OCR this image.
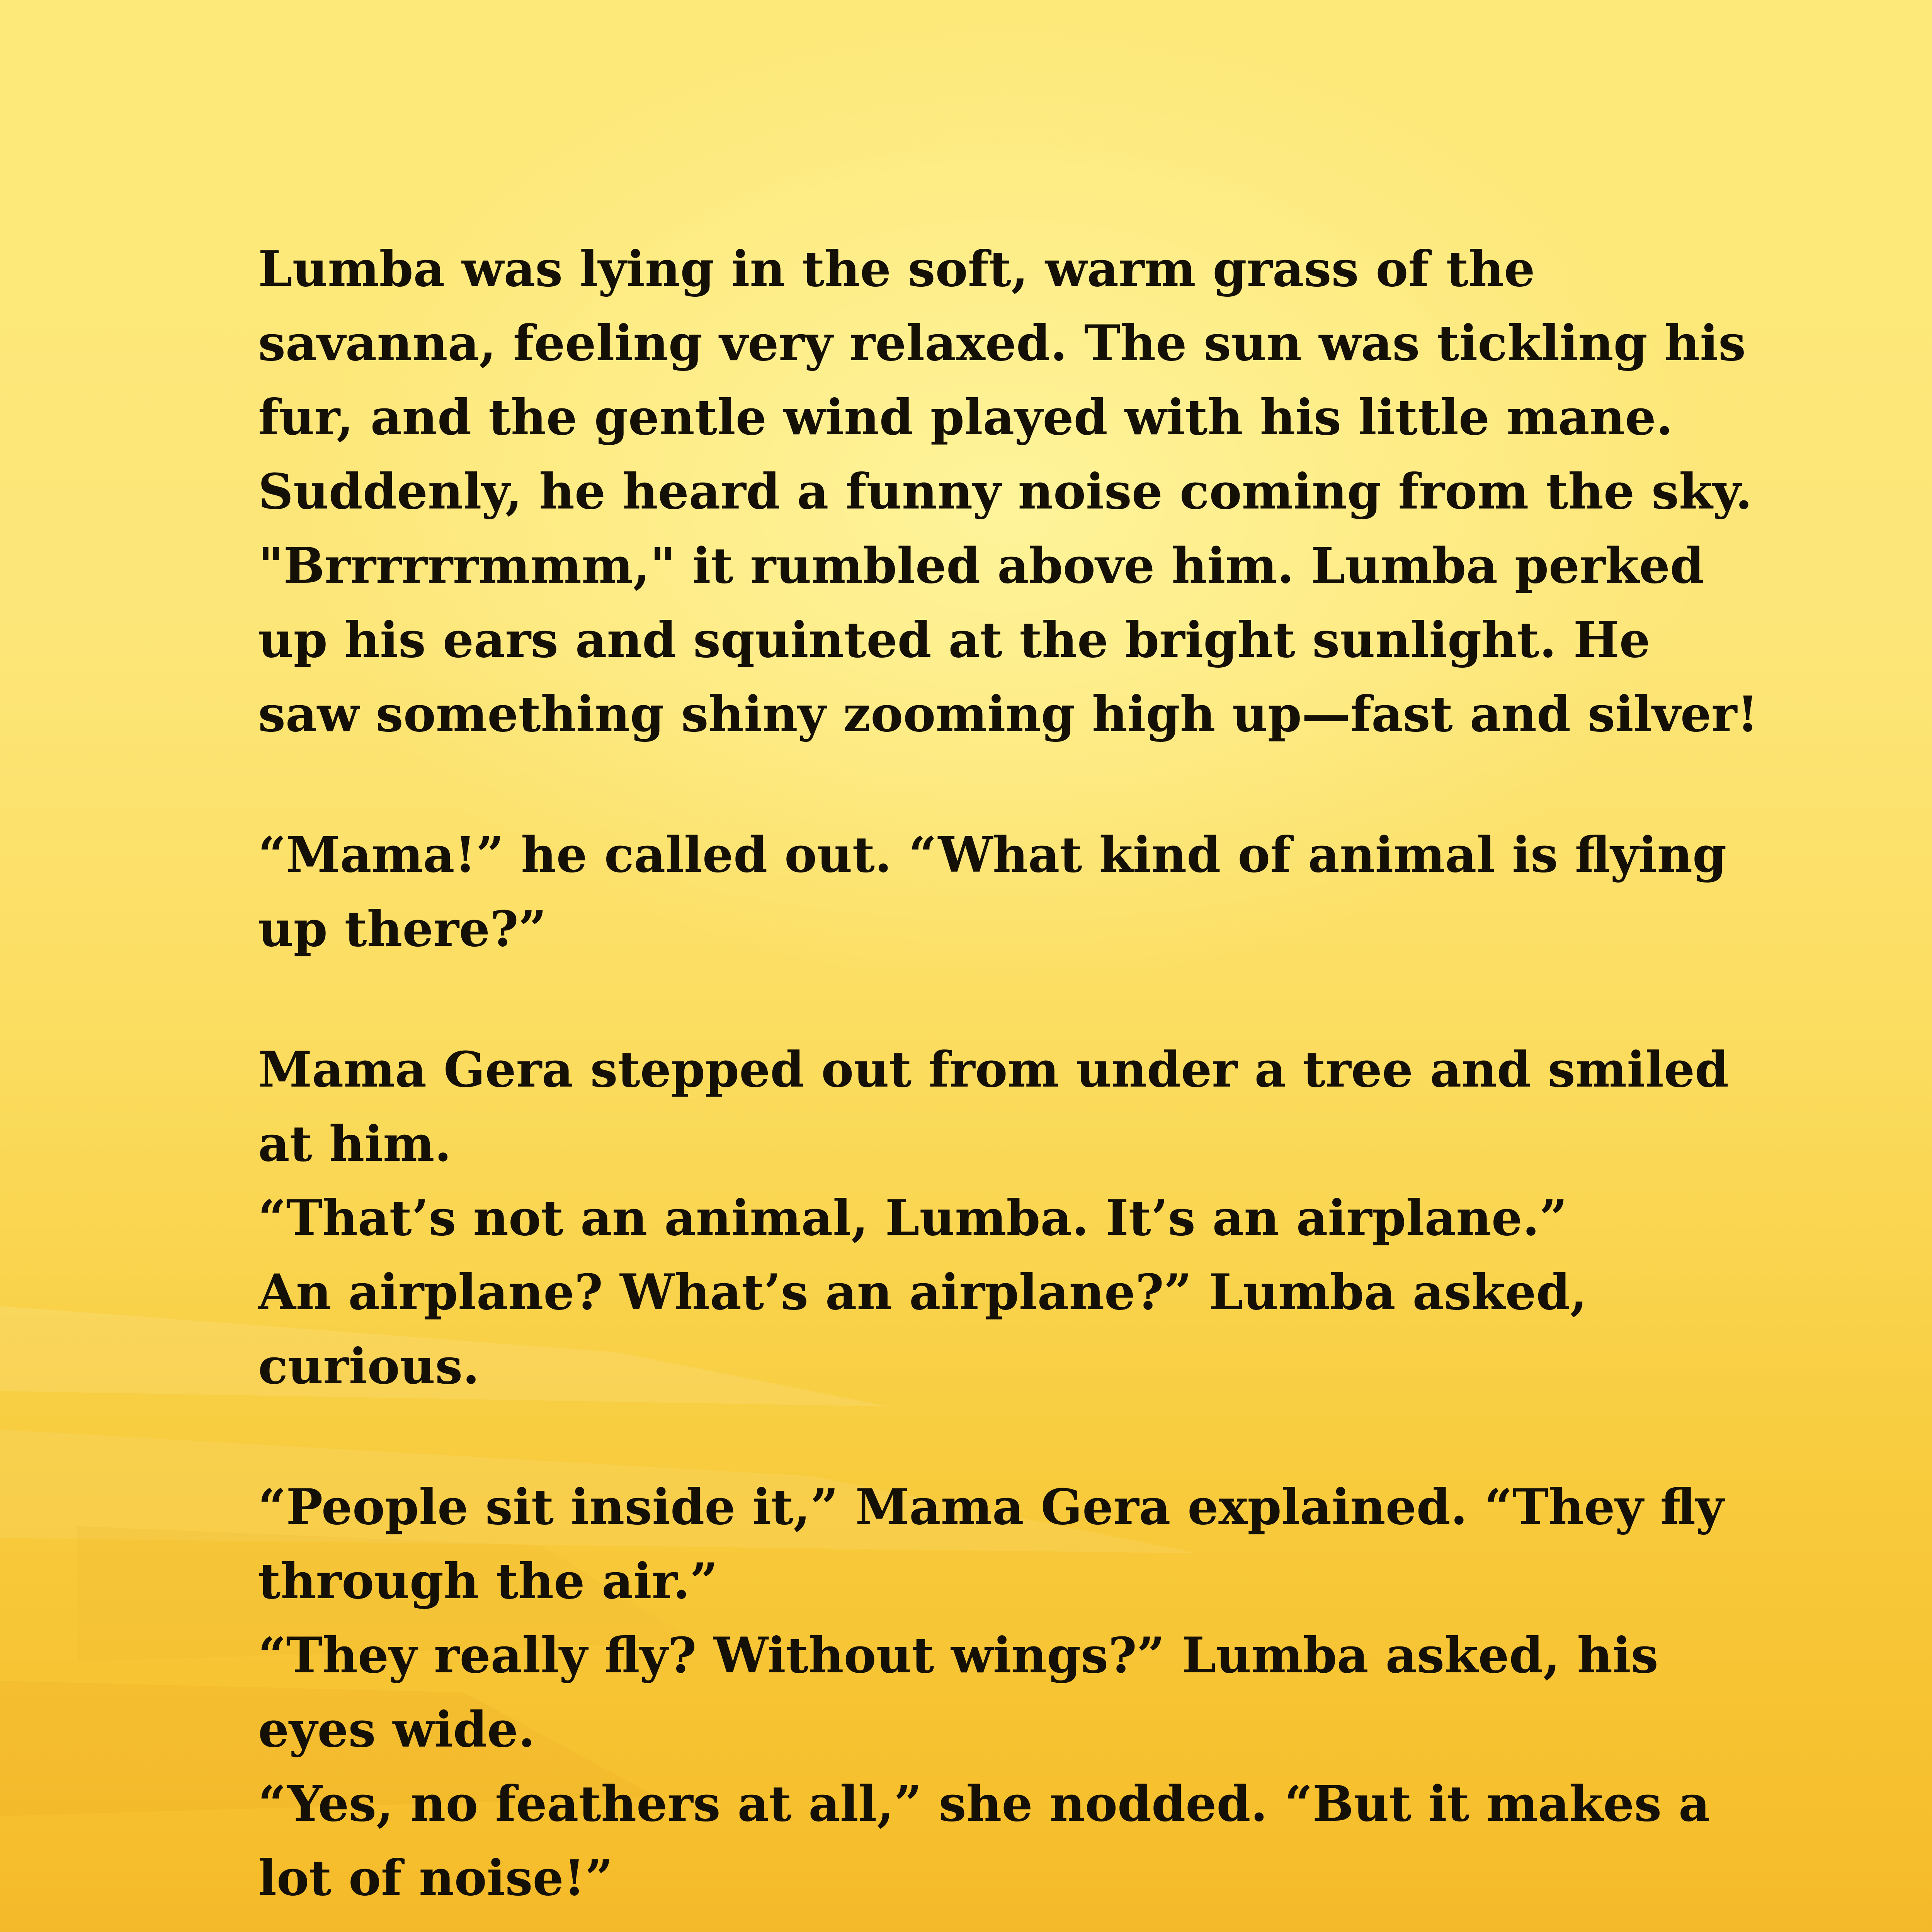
Lumba was lying in the soft, warm grass of the savanna, feeling very relaxed. The sun was tickling his fur, and the gentle wind played with his little mane. Suddenly, he heard a funny noise coming from the sky. "Brrrrrrmmm," it rumbled above him. Lumba perked up his ears and squinted at the bright sunlight. He saw something shiny zooming high up—fast and silver!

“Mama!” he called out. “What kind of animal is flying up there?”

Mama Gera stepped out from under a tree and smiled at him.
“That’s not an animal, Lumba. It’s an airplane.”
An airplane? What’s an airplane?” Lumba asked, curious.

“People sit inside it,” Mama Gera explained. “They fly through the air.”
“They really fly? Without wings?” Lumba asked, his eyes wide.
“Yes, no feathers at all,” she nodded. “But it makes a lot of noise!”
